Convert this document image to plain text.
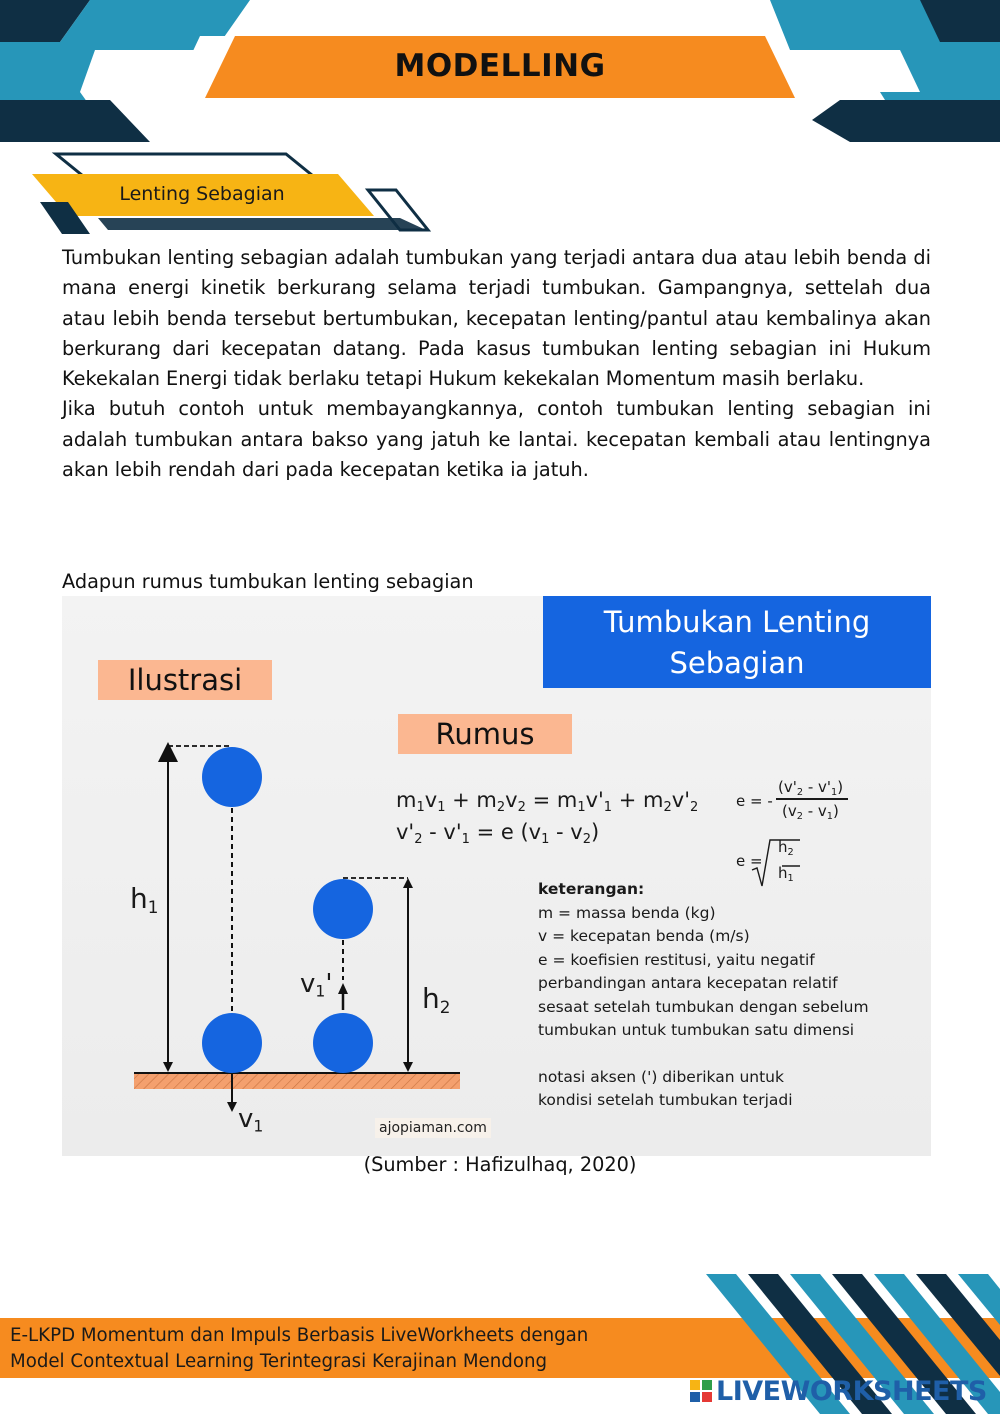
MODELLING
Lenting Sebagian

Tumbukan lenting sebagian adalah tumbukan yang terjadi antara dua atau lebih benda di mana energi kinetik berkurang selama terjadi tumbukan. Gampangnya, settelah dua atau lebih benda tersebut bertumbukan, kecepatan lenting/pantul atau kembalinya akan berkurang dari kecepatan datang. Pada kasus tumbukan lenting sebagian ini Hukum Kekekalan Energi tidak berlaku tetapi Hukum kekekalan Momentum masih berlaku.

Jika butuh contoh untuk membayangkannya, contoh tumbukan lenting sebagian ini adalah tumbukan antara bakso yang jatuh ke lantai. kecepatan kembali atau lentingnya akan lebih rendah dari pada kecepatan ketika ia jatuh.

Adapun rumus tumbukan lenting sebagian
Tumbukan Lenting
Sebagian
Ilustrasi
Rumus
$m_1v_1 + m_2v_2 = m_1v'_1 + m_2v'_2$
$v'_2 - v'_1 = e$ $(v_1 - v_2)$
e = -
$(v'_2 - v'_1)$
$(v_2 - v_1)$
e =
$h_2$
$h_1$
keterangan:
m = massa benda (kg)
v = kecepatan benda (m/s)
e = koefisien restitusi, yaitu negatif
perbandingan antara kecepatan relatif
sesaat setelah tumbukan dengan sebelum
tumbukan untuk tumbukan satu dimensi
notasi aksen (') diberikan untuk
kondisi setelah tumbukan terjadi
$h_1$
$h_2$
$v_1'$
$v_1$	ajopiaman.com
(Sumber : Hafizulhaq, 2020)
E-LKPD Momentum dan Impuls Berbasis LiveWorkheets dengan
Model Contextual Learning Terintegrasi Kerajinan Mendong
LIVEWORKSHEETS
